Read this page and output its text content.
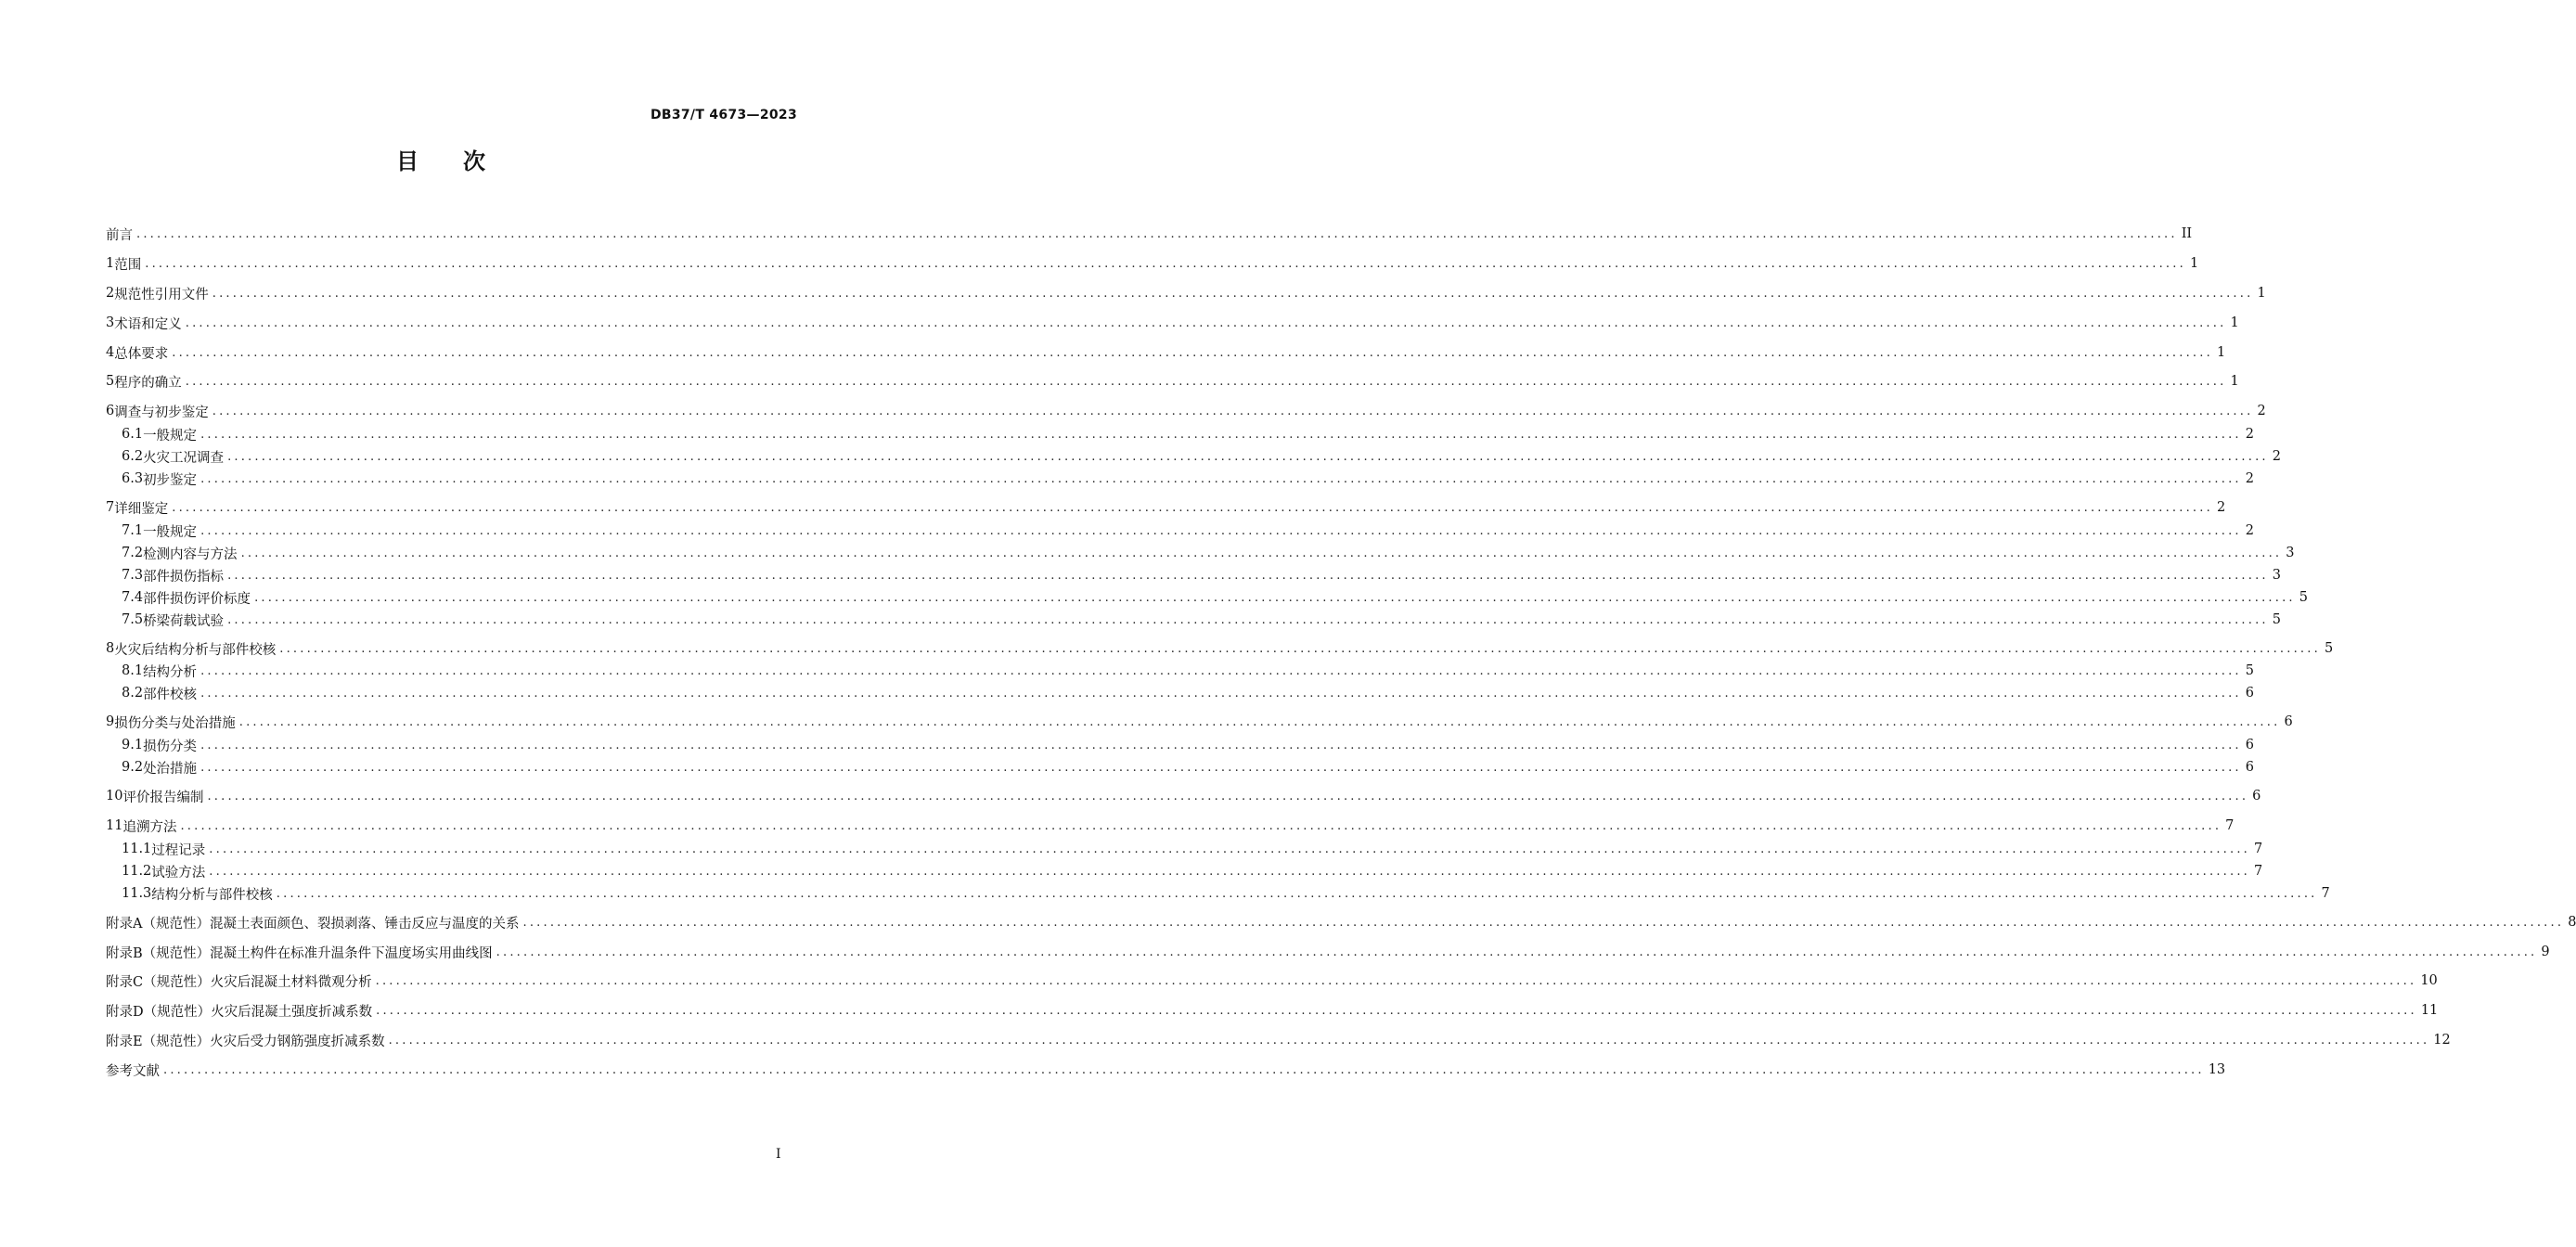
DB37/T 4673—2023
目次
前言 ............................................................................................................................................................................................................................................................................................................ II
1 范围 ............................................................................................................................................................................................................................................................................................................ 1
2 规范性引用文件 ............................................................................................................................................................................................................................................................................................................ 1
3 术语和定义 ............................................................................................................................................................................................................................................................................................................ 1
4 总体要求 ............................................................................................................................................................................................................................................................................................................ 1
5 程序的确立 ............................................................................................................................................................................................................................................................................................................ 1
6 调查与初步鉴定 ............................................................................................................................................................................................................................................................................................................ 2
6.1 一般规定 ............................................................................................................................................................................................................................................................................................................ 2
6.2 火灾工况调查 ............................................................................................................................................................................................................................................................................................................ 2
6.3 初步鉴定 ............................................................................................................................................................................................................................................................................................................ 2
7 详细鉴定 ............................................................................................................................................................................................................................................................................................................ 2
7.1 一般规定 ............................................................................................................................................................................................................................................................................................................ 2
7.2 检测内容与方法 ............................................................................................................................................................................................................................................................................................................ 3
7.3 部件损伤指标 ............................................................................................................................................................................................................................................................................................................ 3
7.4 部件损伤评价标度 ............................................................................................................................................................................................................................................................................................................ 5
7.5 桥梁荷载试验 ............................................................................................................................................................................................................................................................................................................ 5
8 火灾后结构分析与部件校核 ............................................................................................................................................................................................................................................................................................................ 5
8.1 结构分析 ............................................................................................................................................................................................................................................................................................................ 5
8.2 部件校核 ............................................................................................................................................................................................................................................................................................................ 6
9 损伤分类与处治措施 ............................................................................................................................................................................................................................................................................................................ 6
9.1 损伤分类 ............................................................................................................................................................................................................................................................................................................ 6
9.2 处治措施 ............................................................................................................................................................................................................................................................................................................ 6
10 评价报告编制 ............................................................................................................................................................................................................................................................................................................ 6
11 追溯方法 ............................................................................................................................................................................................................................................................................................................ 7
11.1 过程记录 ............................................................................................................................................................................................................................................................................................................ 7
11.2 试验方法 ............................................................................................................................................................................................................................................................................................................ 7
11.3 结构分析与部件校核 ............................................................................................................................................................................................................................................................................................................ 7
附录A（规范性） 混凝土表面颜色、裂损剥落、锤击反应与温度的关系 ............................................................................................................................................................................................................................................................................................................ 8
附录B（规范性） 混凝土构件在标准升温条件下温度场实用曲线图 ............................................................................................................................................................................................................................................................................................................ 9
附录C（规范性） 火灾后混凝土材料微观分析 ............................................................................................................................................................................................................................................................................................................ 10
附录D（规范性） 火灾后混凝土强度折减系数 ............................................................................................................................................................................................................................................................................................................ 11
附录E（规范性） 火灾后受力钢筋强度折减系数 ............................................................................................................................................................................................................................................................................................................ 12
参考文献 ............................................................................................................................................................................................................................................................................................................ 13
I
